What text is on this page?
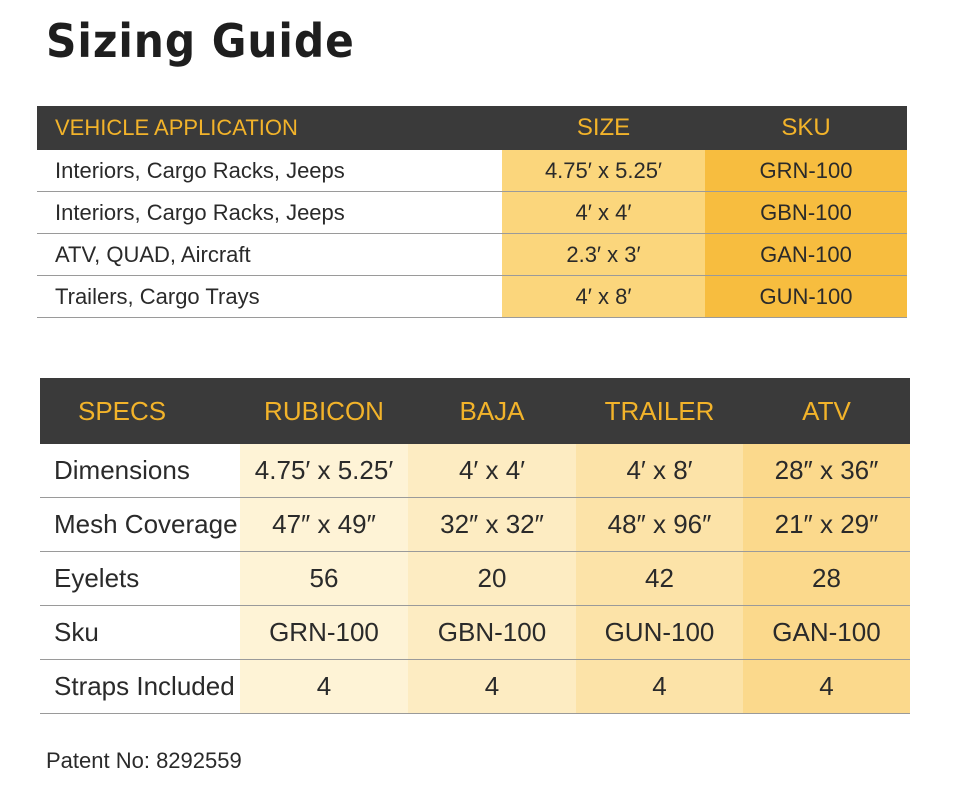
Sizing Guide
VEHICLE APPLICATION	SIZE	SKU
Interiors, Cargo Racks, Jeeps	4.75′ x 5.25′	GRN-100
Interiors, Cargo Racks, Jeeps	4′ x 4′	GBN-100
ATV, QUAD, Aircraft	2.3′ x 3′	GAN-100
Trailers, Cargo Trays	4′ x 8′	GUN-100
SPECS	RUBICON	BAJA	TRAILER	ATV
Dimensions	4.75′ x 5.25′	4′ x 4′	4′ x 8′	28″ x 36″
Mesh Coverage	47″ x 49″	32″ x 32″	48″ x 96″	21″ x 29″
Eyelets	56	20	42	28
Sku	GRN-100	GBN-100	GUN-100	GAN-100
Straps Included	4	4	4	4
Patent No: 8292559
